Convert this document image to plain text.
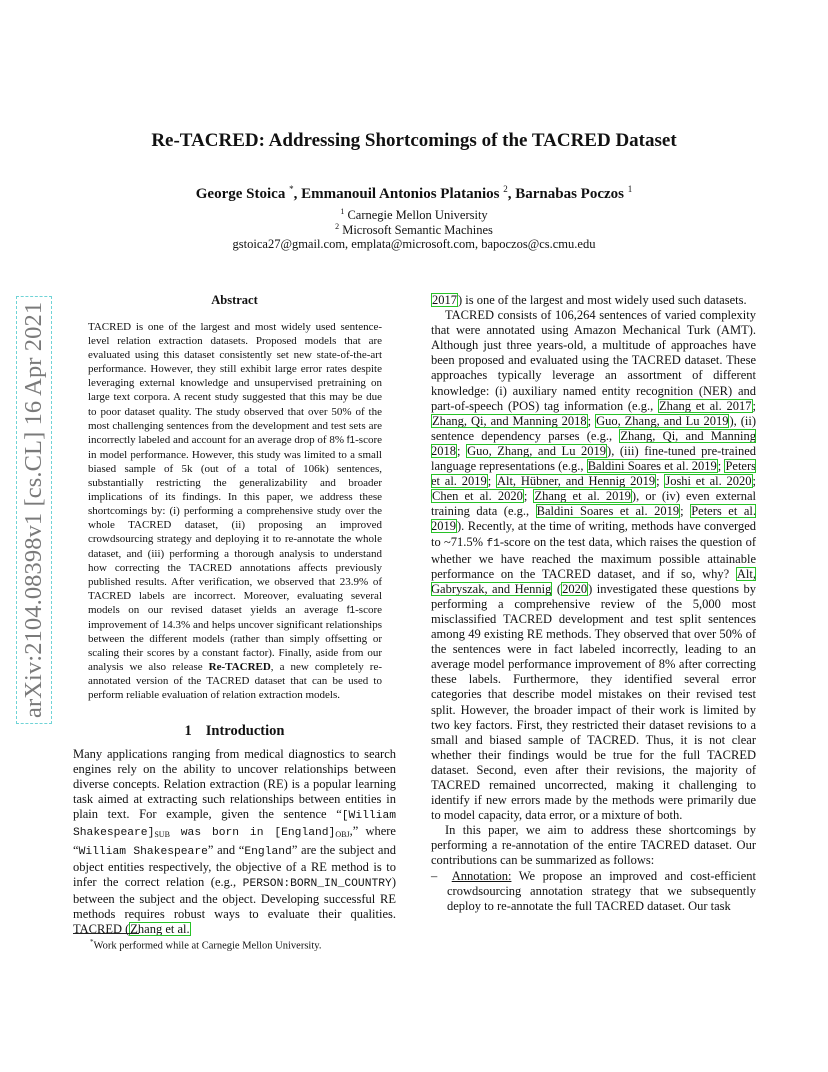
arXiv:2104.08398v1 [cs.CL] 16 Apr 2021
Re-TACRED: Addressing Shortcomings of the TACRED Dataset
George Stoica *, Emmanouil Antonios Platanios $^2$, Barnabas Poczos $^1$
$^1$ Carnegie Mellon University
$^2$ Microsoft Semantic Machines
gstoica27@gmail.com, emplata@microsoft.com, bapoczos@cs.cmu.edu
Abstract
TACRED is one of the largest and most widely used sentence-level relation extraction datasets. Proposed models that are evaluated using this dataset consistently set new state-of-the-art performance. However, they still exhibit large error rates despite leveraging external knowledge and unsupervised pretraining on large text corpora. A recent study suggested that this may be due to poor dataset quality. The study observed that over 50% of the most challenging sentences from the development and test sets are incorrectly labeled and account for an average drop of 8% f1-score in model performance. However, this study was limited to a small biased sample of 5k (out of a total of 106k) sentences, substantially restricting the generalizability and broader implications of its findings. In this paper, we address these shortcomings by: (i) performing a comprehensive study over the whole TACRED dataset, (ii) proposing an improved crowdsourcing strategy and deploying it to re-annotate the whole dataset, and (iii) performing a thorough analysis to understand how correcting the TACRED annotations affects previously published results. After verification, we observed that 23.9% of TACRED labels are incorrect. Moreover, evaluating several models on our revised dataset yields an average f1-score improvement of 14.3% and helps uncover significant relationships between the different models (rather than simply offsetting or scaling their scores by a constant factor). Finally, aside from our analysis we also release Re-TACRED, a new completely re-annotated version of the TACRED dataset that can be used to perform reliable evaluation of relation extraction models.
1 Introduction

Many applications ranging from medical diagnostics to search engines rely on the ability to uncover relationships between diverse concepts. Relation extraction (RE) is a popular learning task aimed at extracting such relationships between entities in plain text. For example, given the sentence “[William $Shakespeare]_{SUB}$ was born in $[England]_{OBJ}$,” where “William Shakespeare” and “England” are the subject and object entities respectively, the objective of a RE method is to infer the correct relation (e.g., PERSON:BORN_IN_COUNTRY) between the subject and the object. Developing successful RE methods requires robust ways to evaluate their qualities. TACRED (Zhang et al.

2017) is one of the largest and most widely used such datasets.

TACRED consists of 106,264 sentences of varied complexity that were annotated using Amazon Mechanical Turk (AMT). Although just three years-old, a multitude of approaches have been proposed and evaluated using the TACRED dataset. These approaches typically leverage an assortment of different knowledge: (i) auxiliary named entity recognition (NER) and part-of-speech (POS) tag information (e.g., Zhang et al. 2017; Zhang, Qi, and Manning 2018; Guo, Zhang, and Lu 2019), (ii) sentence dependency parses (e.g., Zhang, Qi, and Manning 2018; Guo, Zhang, and Lu 2019), (iii) fine-tuned pre-trained language representations (e.g., Baldini Soares et al. 2019; Peters et al. 2019; Alt, Hübner, and Hennig 2019; Joshi et al. 2020; Chen et al. 2020; Zhang et al. 2019), or (iv) even external training data (e.g., Baldini Soares et al. 2019; Peters et al. 2019). Recently, at the time of writing, methods have converged to ~71.5% f1-score on the test data, which raises the question of whether we have reached the maximum possible attainable performance on the TACRED dataset, and if so, why? Alt, Gabryszak, and Hennig (2020) investigated these questions by performing a comprehensive review of the 5,000 most misclassified TACRED development and test split sentences among 49 existing RE methods. They observed that over 50% of the sentences were in fact labeled incorrectly, leading to an average model performance improvement of 8% after correcting these labels. Furthermore, they identified several error categories that describe model mistakes on their revised test split. However, the broader impact of their work is limited by two key factors. First, they restricted their dataset revisions to a small and biased sample of TACRED. Thus, it is not clear whether their findings would be true for the full TACRED dataset. Second, even after their revisions, the majority of TACRED remained uncorrected, making it challenging to identify if new errors made by the methods were primarily due to model capacity, data error, or a mixture of both.

In this paper, we aim to address these shortcomings by performing a re-annotation of the entire TACRED dataset. Our contributions can be summarized as follows:

– Annotation: We propose an improved and cost-efficient crowdsourcing annotation strategy that we subsequently deploy to re-annotate the full TACRED dataset. Our task

*Work performed while at Carnegie Mellon University.
